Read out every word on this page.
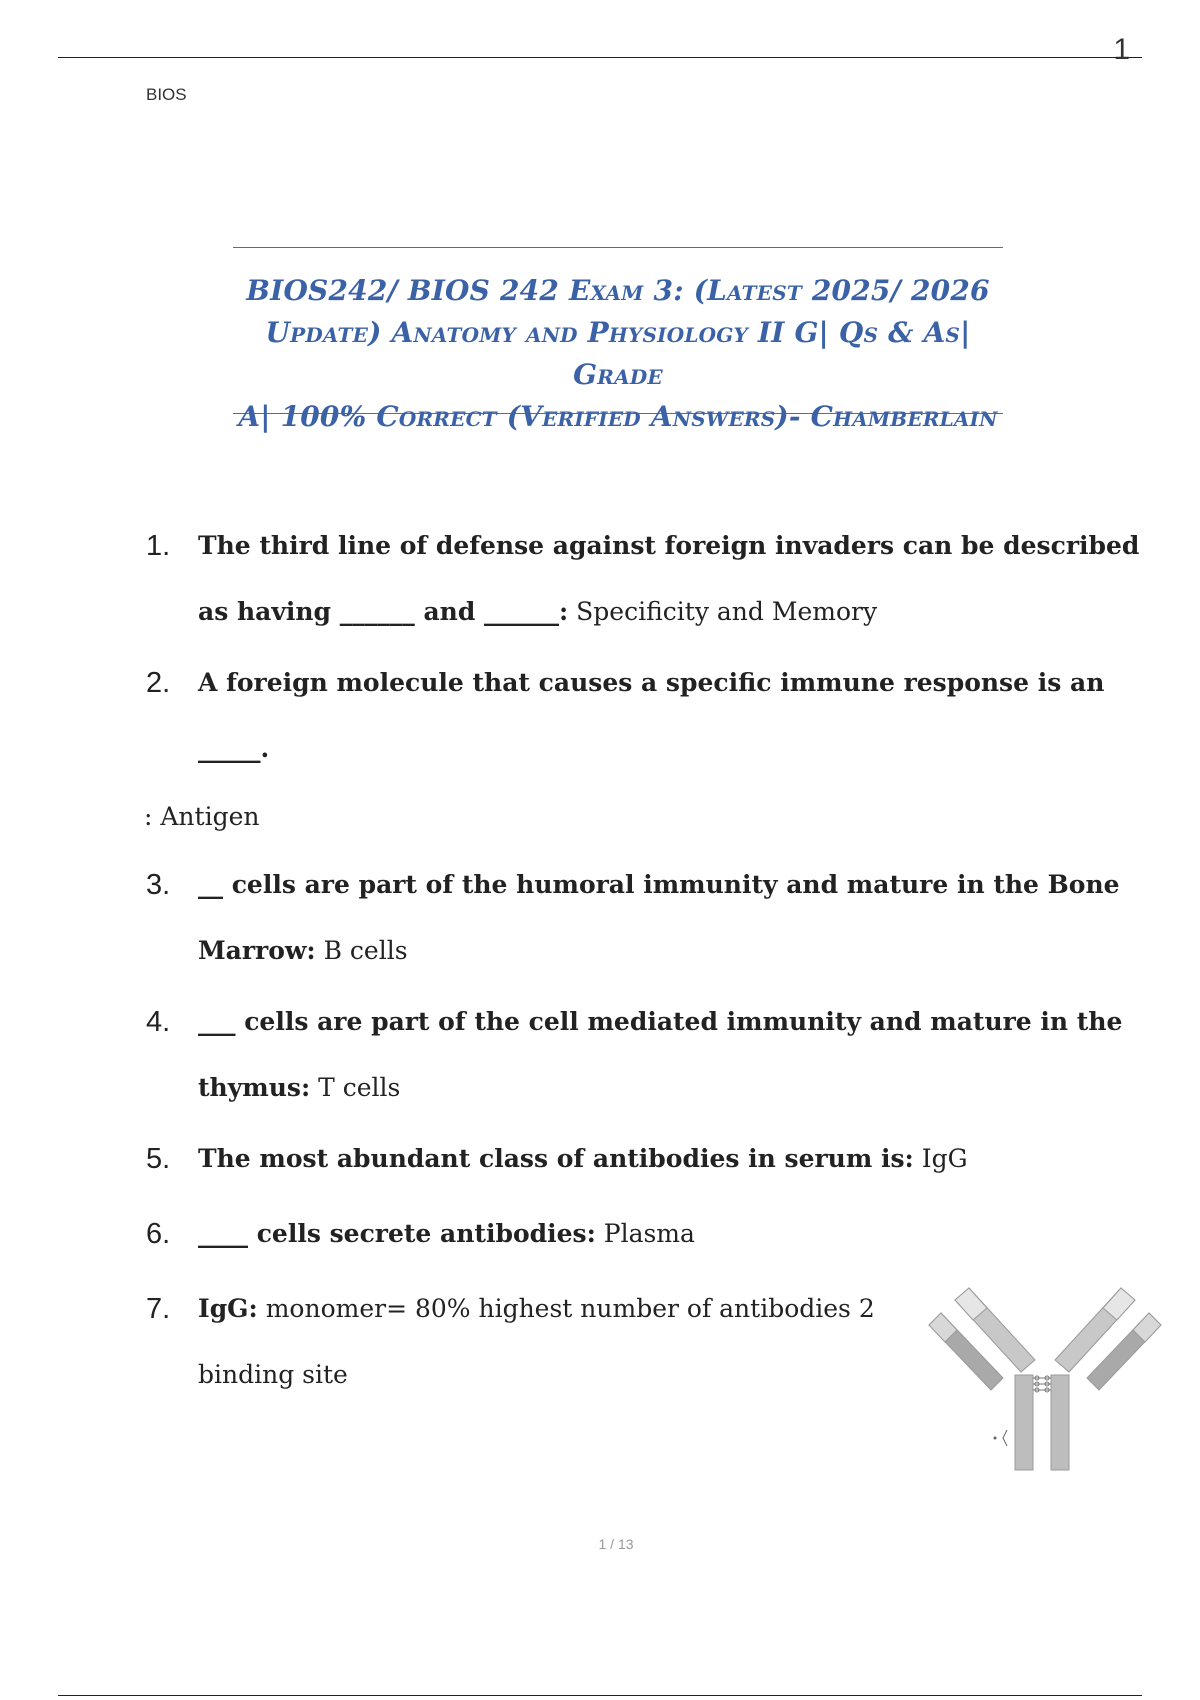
1
BIOS
BIOS242/ BIOS 242 Exam 3: (Latest 2025/ 2026
Update) Anatomy and Physiology II G| Qs & As| Grade
A| 100% Correct (Verified Answers)- Chamberlain
1.	The third line of defense against foreign invaders can be described
as having ______ and ______: Specificity and Memory
2.	A foreign molecule that causes a specific immune response is an
_____.
: Antigen
3.	__ cells are part of the humoral immunity and mature in the Bone
Marrow: B cells
4.	___ cells are part of the cell mediated immunity and mature in the
thymus: T cells
5.	The most abundant class of antibodies in serum is: IgG
6.	____ cells secrete antibodies: Plasma
7.	IgG: monomer= 80% highest number of antibodies 2
binding site
1 / 13
